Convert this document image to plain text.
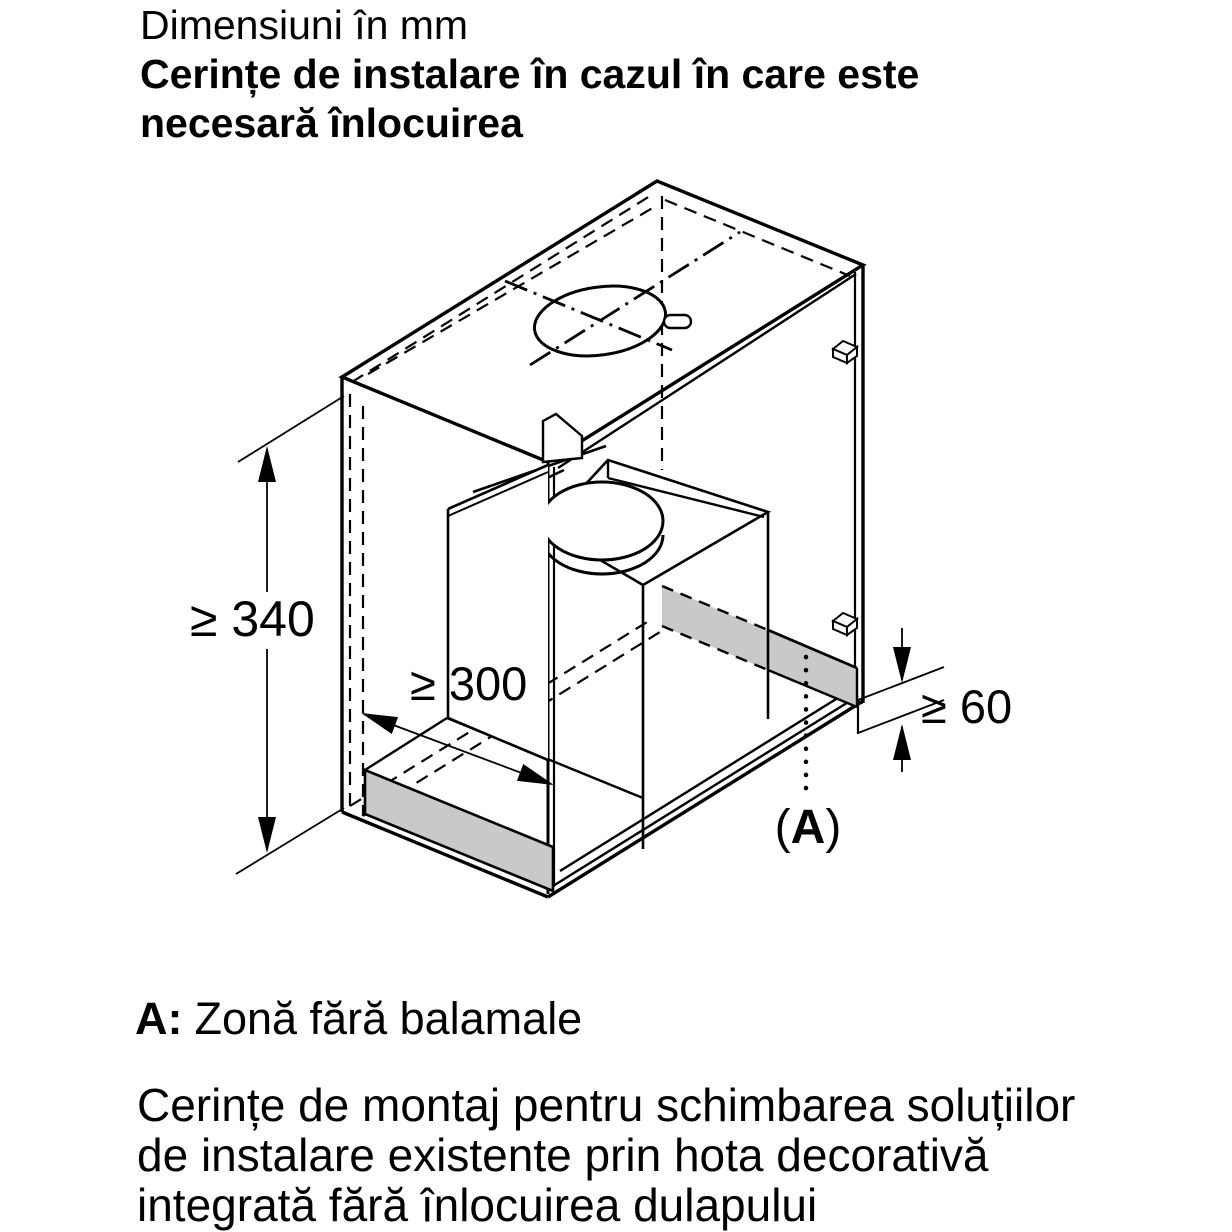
Dimensiuni în mm
Cerințe de instalare în cazul în care este
necesară înlocuirea
≥ 340
≥ 300	≥ 60
(A)
A: Zonă fără balamale
Cerințe de montaj pentru schimbarea soluțiilor
de instalare existente prin hota decorativă
integrată fără înlocuirea dulapului
